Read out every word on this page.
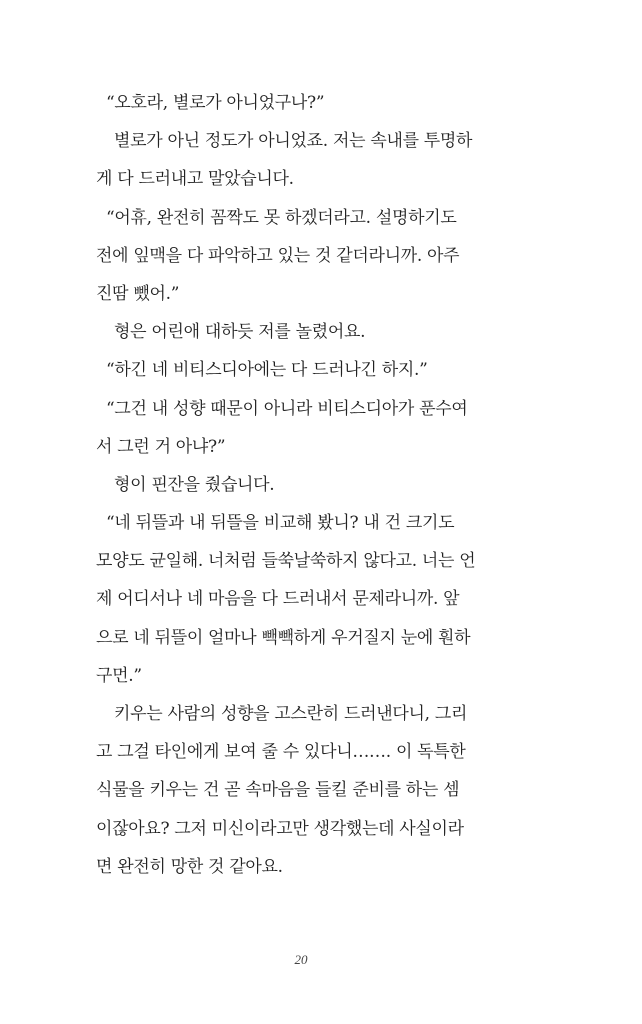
“오호라, 별로가 아니었구나?”
별로가 아닌 정도가 아니었죠. 저는 속내를 투명하
게 다 드러내고 말았습니다.
“어휴, 완전히 꼼짝도 못 하겠더라고. 설명하기도
전에 잎맥을 다 파악하고 있는 것 같더라니까. 아주
진땀 뺐어.”
형은 어린애 대하듯 저를 놀렸어요.
“하긴 네 비티스디아에는 다 드러나긴 하지.”
“그건 내 성향 때문이 아니라 비티스디아가 푼수여
서 그런 거 아냐?”
형이 핀잔을 줬습니다.
“네 뒤뜰과 내 뒤뜰을 비교해 봤니? 내 건 크기도
모양도 균일해. 너처럼 들쑥날쑥하지 않다고. 너는 언
제 어디서나 네 마음을 다 드러내서 문제라니까. 앞
으로 네 뒤뜰이 얼마나 빽빽하게 우거질지 눈에 훤하
구먼.”
키우는 사람의 성향을 고스란히 드러낸다니, 그리
고 그걸 타인에게 보여 줄 수 있다니……. 이 독특한
식물을 키우는 건 곧 속마음을 들킬 준비를 하는 셈
이잖아요? 그저 미신이라고만 생각했는데 사실이라
면 완전히 망한 것 같아요.
20
